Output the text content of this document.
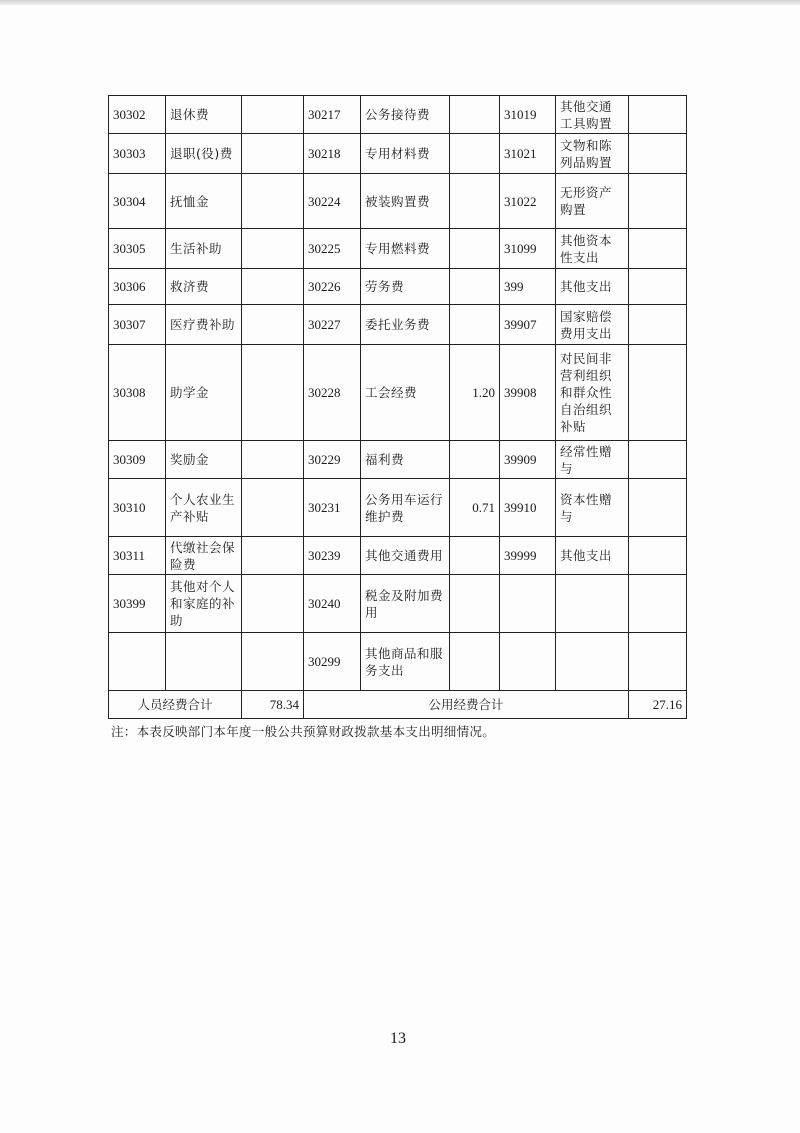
30302	退休费		30217	公务接待费		31019	其他交通工具购置	
30303	退职(役)费		30218	专用材料费		31021	文物和陈列品购置	
30304	抚恤金		30224	被装购置费		31022	无形资产购置	
30305	生活补助		30225	专用燃料费		31099	其他资本性支出	
30306	救济费		30226	劳务费		399	其他支出	
30307	医疗费补助		30227	委托业务费		39907	国家赔偿费用支出	
30308	助学金		30228	工会经费	1.20	39908	对民间非营利组织和群众性自治组织补贴	
30309	奖励金		30229	福利费		39909	经常性赠与	
30310	个人农业生产补贴		30231	公务用车运行维护费	0.71	39910	资本性赠与	
30311	代缴社会保险费		30239	其他交通费用		39999	其他支出	
30399	其他对个人和家庭的补助		30240	税金及附加费用				
			30299	其他商品和服务支出				
人员经费合计		78.34	公用经费合计					27.16
注：本表反映部门本年度一般公共预算财政拨款基本支出明细情况。
13
